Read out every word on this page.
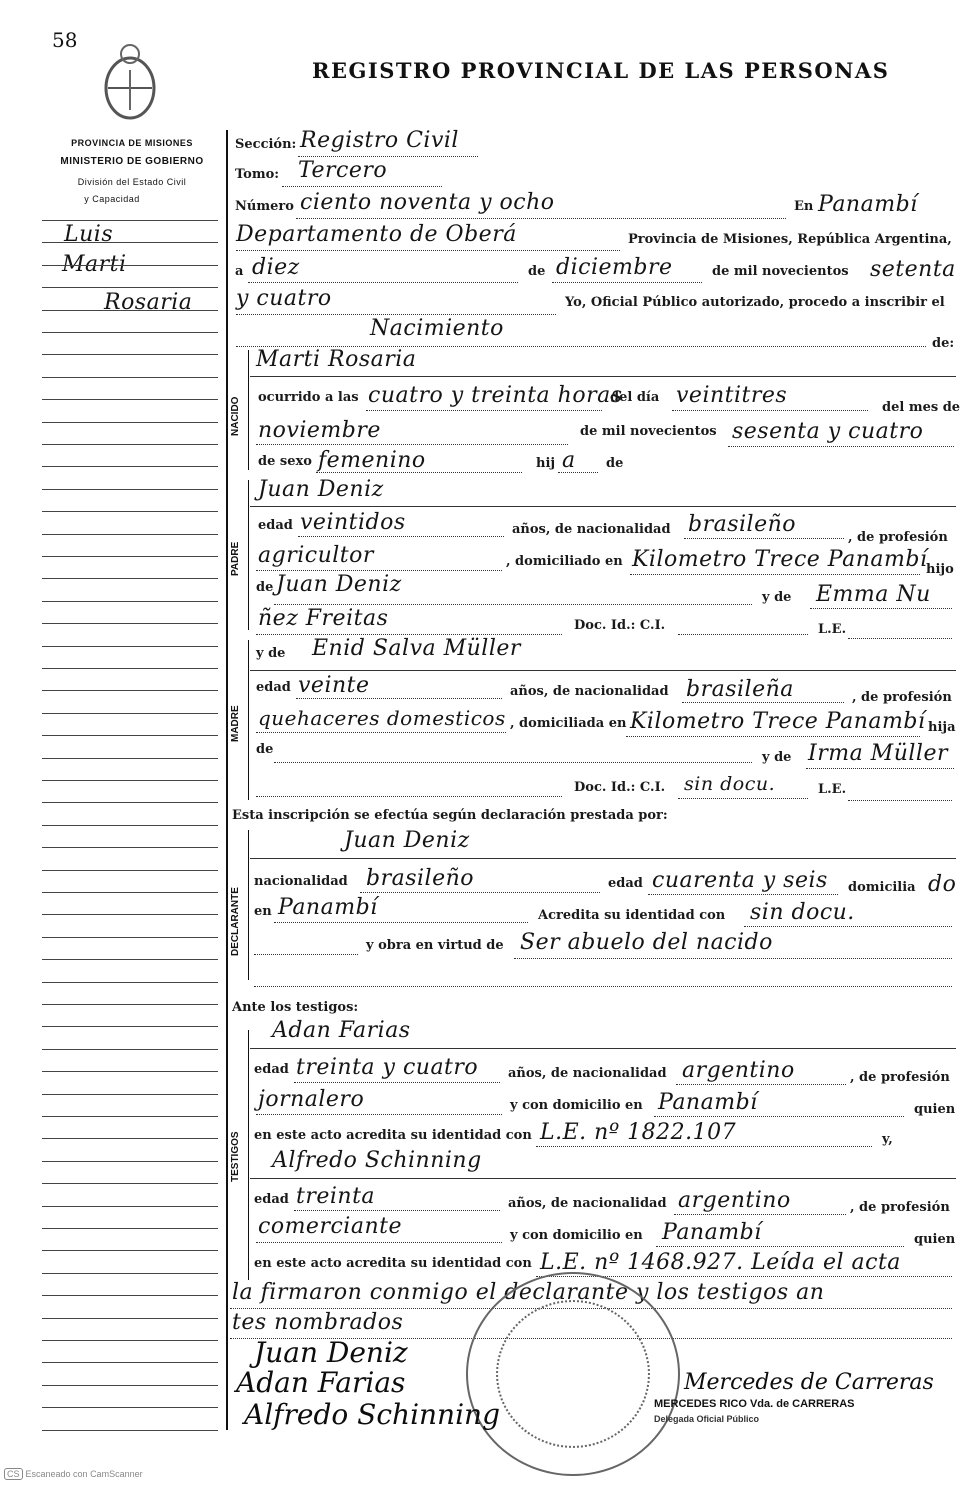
58
REGISTRO PROVINCIAL DE LAS PERSONAS
PROVINCIA DE MISIONES
MINISTERIO DE GOBIERNO
División del Estado Civil
y Capacidad
Luis
Marti
Rosaria
NACIDO
PADRE
MADRE
DECLARANTE
TESTIGOS
Sección: Registro Civil
Tomo: Tercero
Número ciento noventa y ocho	En Panambí
Departamento de Oberá	Provincia de Misiones, República Argentina,
a diez	de diciembre	de mil novecientos setenta
y cuatro	Yo, Oficial Público autorizado, procedo a inscribir el
Nacimiento
de:
Marti Rosaria
ocurrido a las cuatro y treinta horas
del día veintitres	del mes de
noviembre	de mil novecientos sesenta y cuatro
de sexo femenino	hij a de
Juan Deniz
edad veintidos	años, de nacionalidad brasileño
, de profesión
agricultor	, domiciliado en Kilometro Trece Panambí
hijo
de Juan Deniz
y de Emma Nu
ñez Freitas	Doc. Id.: C.I.	L.E.
y de Enid Salva Müller
edad veinte	años, de nacionalidad brasileña	, de profesión
quehaceres domesticos , domiciliada en Kilometro Trece Panambí hija
de
y de Irma Müller
Doc. Id.: C.I. sin docu.	L.E.
Esta inscripción se efectúa según declaración prestada por:
Juan Deniz
nacionalidad brasileño	edad cuarenta y seis domicilia do
en Panambí	Acredita su identidad con sin docu.
y obra en virtud de Ser abuelo del nacido
Ante los testigos:
Adan Farias
edad treinta y cuatro años, de nacionalidad argentino	, de profesión
jornalero	y con domicilio en Panambí	quien
en este acto acredita su identidad con L.E. nº 1822.107	y,
Alfredo Schinning
edad treinta	años, de nacionalidad argentino	, de profesión
comerciante	y con domicilio en Panambí	quien
en este acto acredita su identidad con L.E. nº 1468.927. Leída el acta
la firmaron conmigo el declarante y los testigos an
tes nombrados
Juan Deniz
Adan Farias
Alfredo Schinning
Mercedes de Carreras
MERCEDES RICO Vda. de CARRERAS
Delegada Oficial Público
CS Escaneado con CamScanner
